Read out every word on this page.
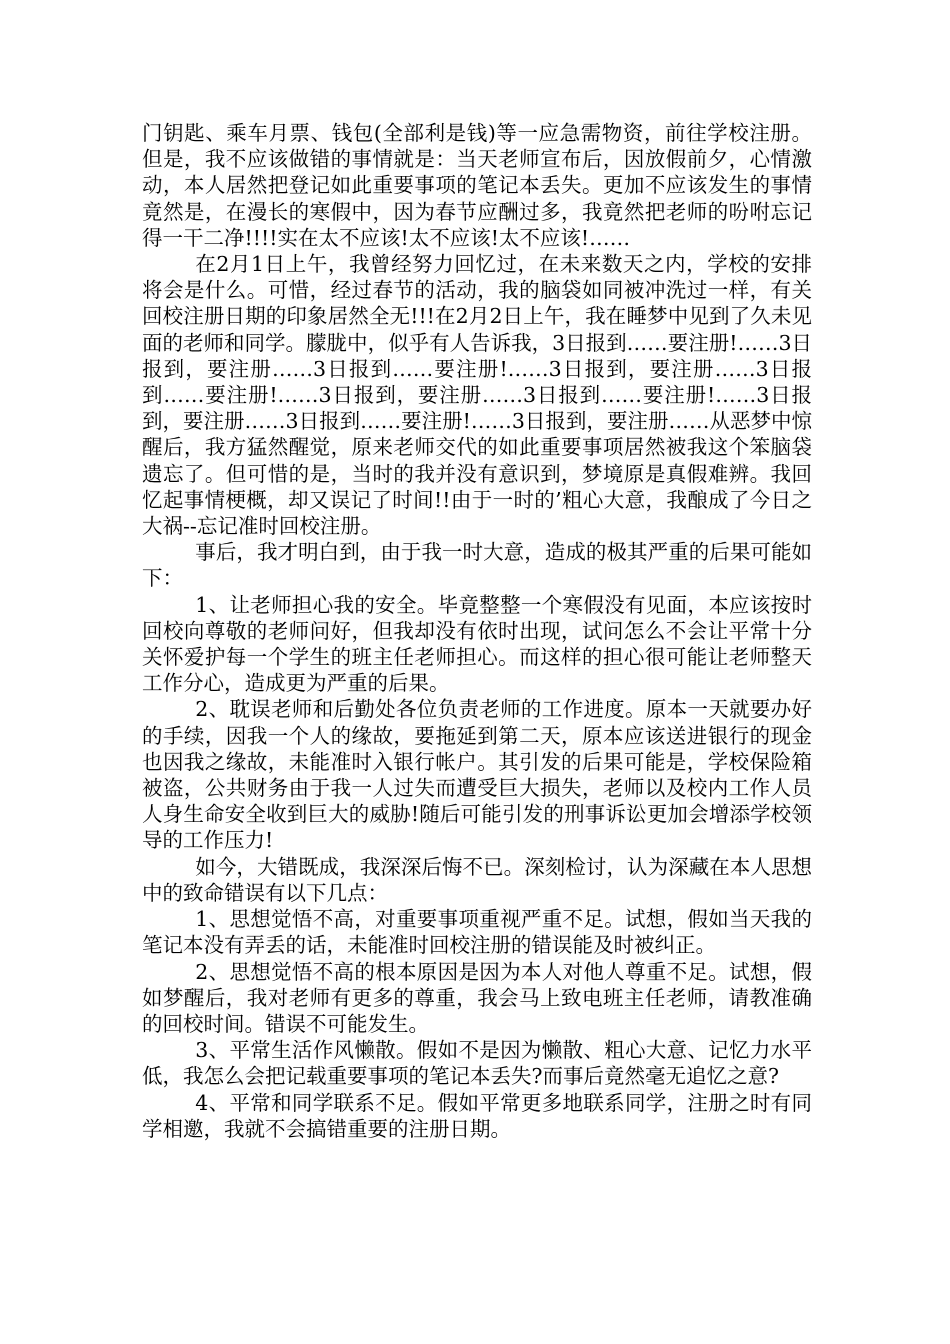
门钥匙、乘车月票、钱包(全部利是钱)等一应急需物资，前往学校注册。但是，我不应该做错的事情就是：当天老师宣布后，因放假前夕，心情激动，本人居然把登记如此重要事项的笔记本丢失。更加不应该发生的事情竟然是，在漫长的寒假中，因为春节应酬过多，我竟然把老师的吩咐忘记得一干二净!!!!实在太不应该!太不应该!太不应该!……

在2月1日上午，我曾经努力回忆过，在未来数天之内，学校的安排将会是什么。可惜，经过春节的活动，我的脑袋如同被冲洗过一样，有关回校注册日期的印象居然全无!!!在2月2日上午，我在睡梦中见到了久未见面的老师和同学。朦胧中，似乎有人告诉我，3日报到……要注册!……3日报到，要注册……3日报到……要注册!……3日报到，要注册……3日报到……要注册!……3日报到，要注册……3日报到……要注册!……3日报到，要注册……3日报到……要注册!……3日报到，要注册……从恶梦中惊醒后，我方猛然醒觉，原来老师交代的如此重要事项居然被我这个笨脑袋遗忘了。但可惜的是，当时的我并没有意识到，梦境原是真假难辨。我回忆起事情梗概，却又误记了时间!!由于一时的’粗心大意，我酿成了今日之大祸--忘记准时回校注册。

事后，我才明白到，由于我一时大意，造成的极其严重的后果可能如下：

1、让老师担心我的安全。毕竟整整一个寒假没有见面，本应该按时回校向尊敬的老师问好，但我却没有依时出现，试问怎么不会让平常十分关怀爱护每一个学生的班主任老师担心。而这样的担心很可能让老师整天工作分心，造成更为严重的后果。

2、耽误老师和后勤处各位负责老师的工作进度。原本一天就要办好的手续，因我一个人的缘故，要拖延到第二天，原本应该送进银行的现金也因我之缘故，未能准时入银行帐户。其引发的后果可能是，学校保险箱被盗，公共财务由于我一人过失而遭受巨大损失，老师以及校内工作人员人身生命安全收到巨大的威胁!随后可能引发的刑事诉讼更加会增添学校领导的工作压力!

如今，大错既成，我深深后悔不已。深刻检讨，认为深藏在本人思想中的致命错误有以下几点：

1、思想觉悟不高，对重要事项重视严重不足。试想，假如当天我的笔记本没有弄丢的话，未能准时回校注册的错误能及时被纠正。

2、思想觉悟不高的根本原因是因为本人对他人尊重不足。试想，假如梦醒后，我对老师有更多的尊重，我会马上致电班主任老师，请教准确的回校时间。错误不可能发生。

3、平常生活作风懒散。假如不是因为懒散、粗心大意、记忆力水平低，我怎么会把记载重要事项的笔记本丢失?而事后竟然毫无追忆之意?

4、平常和同学联系不足。假如平常更多地联系同学，注册之时有同学相邀，我就不会搞错重要的注册日期。
